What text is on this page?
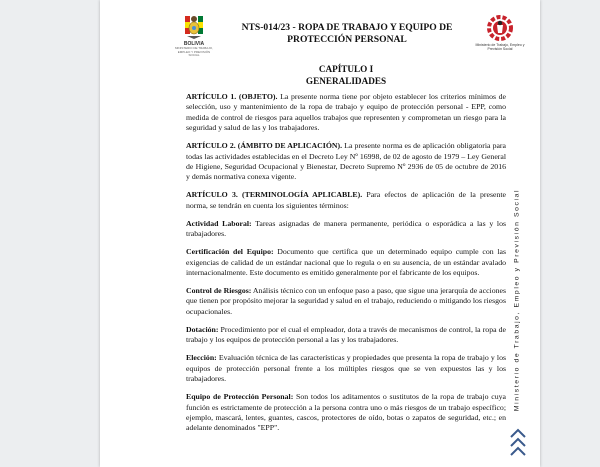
BOLIVIA
MINISTERIO DE TRABAJO, EMPLEO Y PREVISIÓN SOCIAL
NTS-014/23 - ROPA DE TRABAJO Y EQUIPO DE PROTECCIÓN PERSONAL
Ministerio de Trabajo, Empleo y Previsión Social
CAPÍTULO I
GENERALIDADES

ARTÍCULO 1. (OBJETO). La presente norma tiene por objeto establecer los criterios mínimos de selección, uso y mantenimiento de la ropa de trabajo y equipo de protección personal - EPP, como medida de control de riesgos para aquellos trabajos que representen y comprometan un riesgo para la seguridad y salud de las y los trabajadores.

ARTÍCULO 2. (ÁMBITO DE APLICACIÓN). La presente norma es de aplicación obligatoria para todas las actividades establecidas en el Decreto Ley Nº 16998, de 02 de agosto de 1979 – Ley General de Higiene, Seguridad Ocupacional y Bienestar, Decreto Supremo Nº 2936 de 05 de octubre de 2016 y demás normativa conexa vigente.

ARTÍCULO 3. (TERMINOLOGÍA APLICABLE). Para efectos de aplicación de la presente norma, se tendrán en cuenta los siguientes términos:

Actividad Laboral: Tareas asignadas de manera permanente, periódica o esporádica a las y los trabajadores.

Certificación del Equipo: Documento que certifica que un determinado equipo cumple con las exigencias de calidad de un estándar nacional que lo regula o en su ausencia, de un estándar avalado internacionalmente. Este documento es emitido generalmente por el fabricante de los equipos.

Control de Riesgos: Análisis técnico con un enfoque paso a paso, que sigue una jerarquía de acciones que tienen por propósito mejorar la seguridad y salud en el trabajo, reduciendo o mitigando los riesgos ocupacionales.

Dotación: Procedimiento por el cual el empleador, dota a través de mecanismos de control, la ropa de trabajo y los equipos de protección personal a las y los trabajadores.

Elección: Evaluación técnica de las características y propiedades que presenta la ropa de trabajo y los equipos de protección personal frente a los múltiples riesgos que se ven expuestos las y los trabajadores.

Equipo de Protección Personal: Son todos los aditamentos o sustitutos de la ropa de trabajo cuya función es estrictamente de protección a la persona contra uno o más riesgos de un trabajo específico; ejemplo, mascará, lentes, guantes, cascos, protectores de oído, botas o zapatos de seguridad, etc.; en adelante denominados "EPP".

Ministerio de Trabajo, Empleo y Previsión Social
